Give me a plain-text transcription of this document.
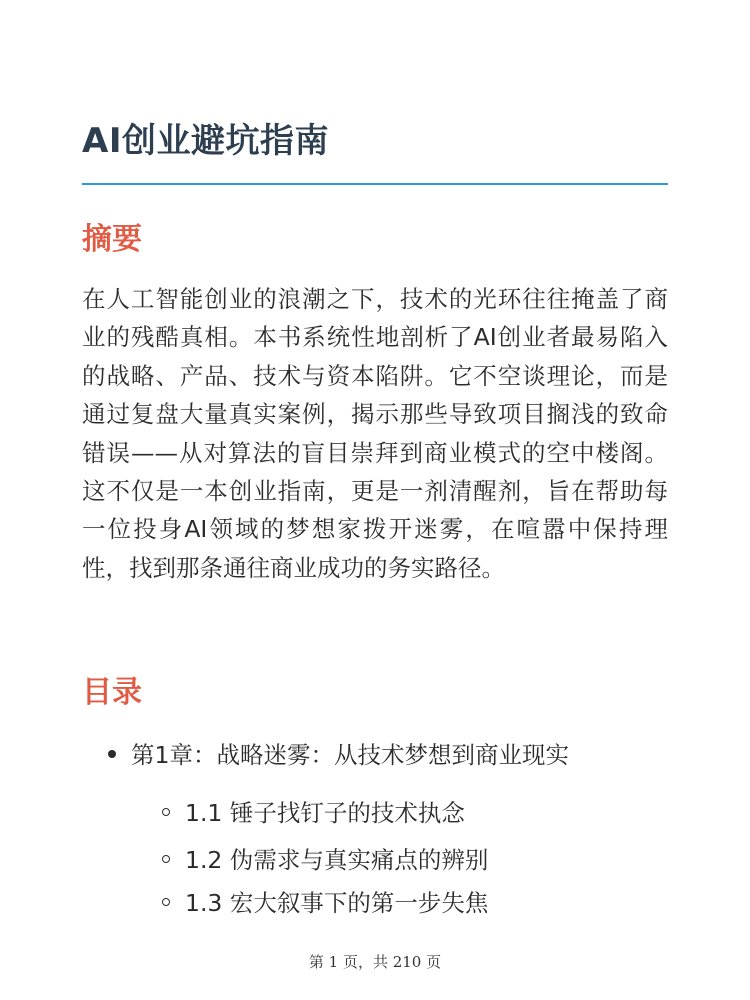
AI创业避坑指南
摘要

在人工智能创业的浪潮之下，技术的光环往往掩盖了商业的残酷真相。本书系统性地剖析了AI创业者最易陷入的战略、产品、技术与资本陷阱。它不空谈理论，而是通过复盘大量真实案例，揭示那些导致项目搁浅的致命错误——从对算法的盲目崇拜到商业模式的空中楼阁。这不仅是一本创业指南，更是一剂清醒剂，旨在帮助每一位投身AI领域的梦想家拨开迷雾，在喧嚣中保持理性，找到那条通往商业成功的务实路径。

目录
第1章：战略迷雾：从技术梦想到商业现实
1.1 锤子找钉子的技术执念
1.2 伪需求与真实痛点的辨别
1.3 宏大叙事下的第一步失焦
第 1 页，共 210 页
